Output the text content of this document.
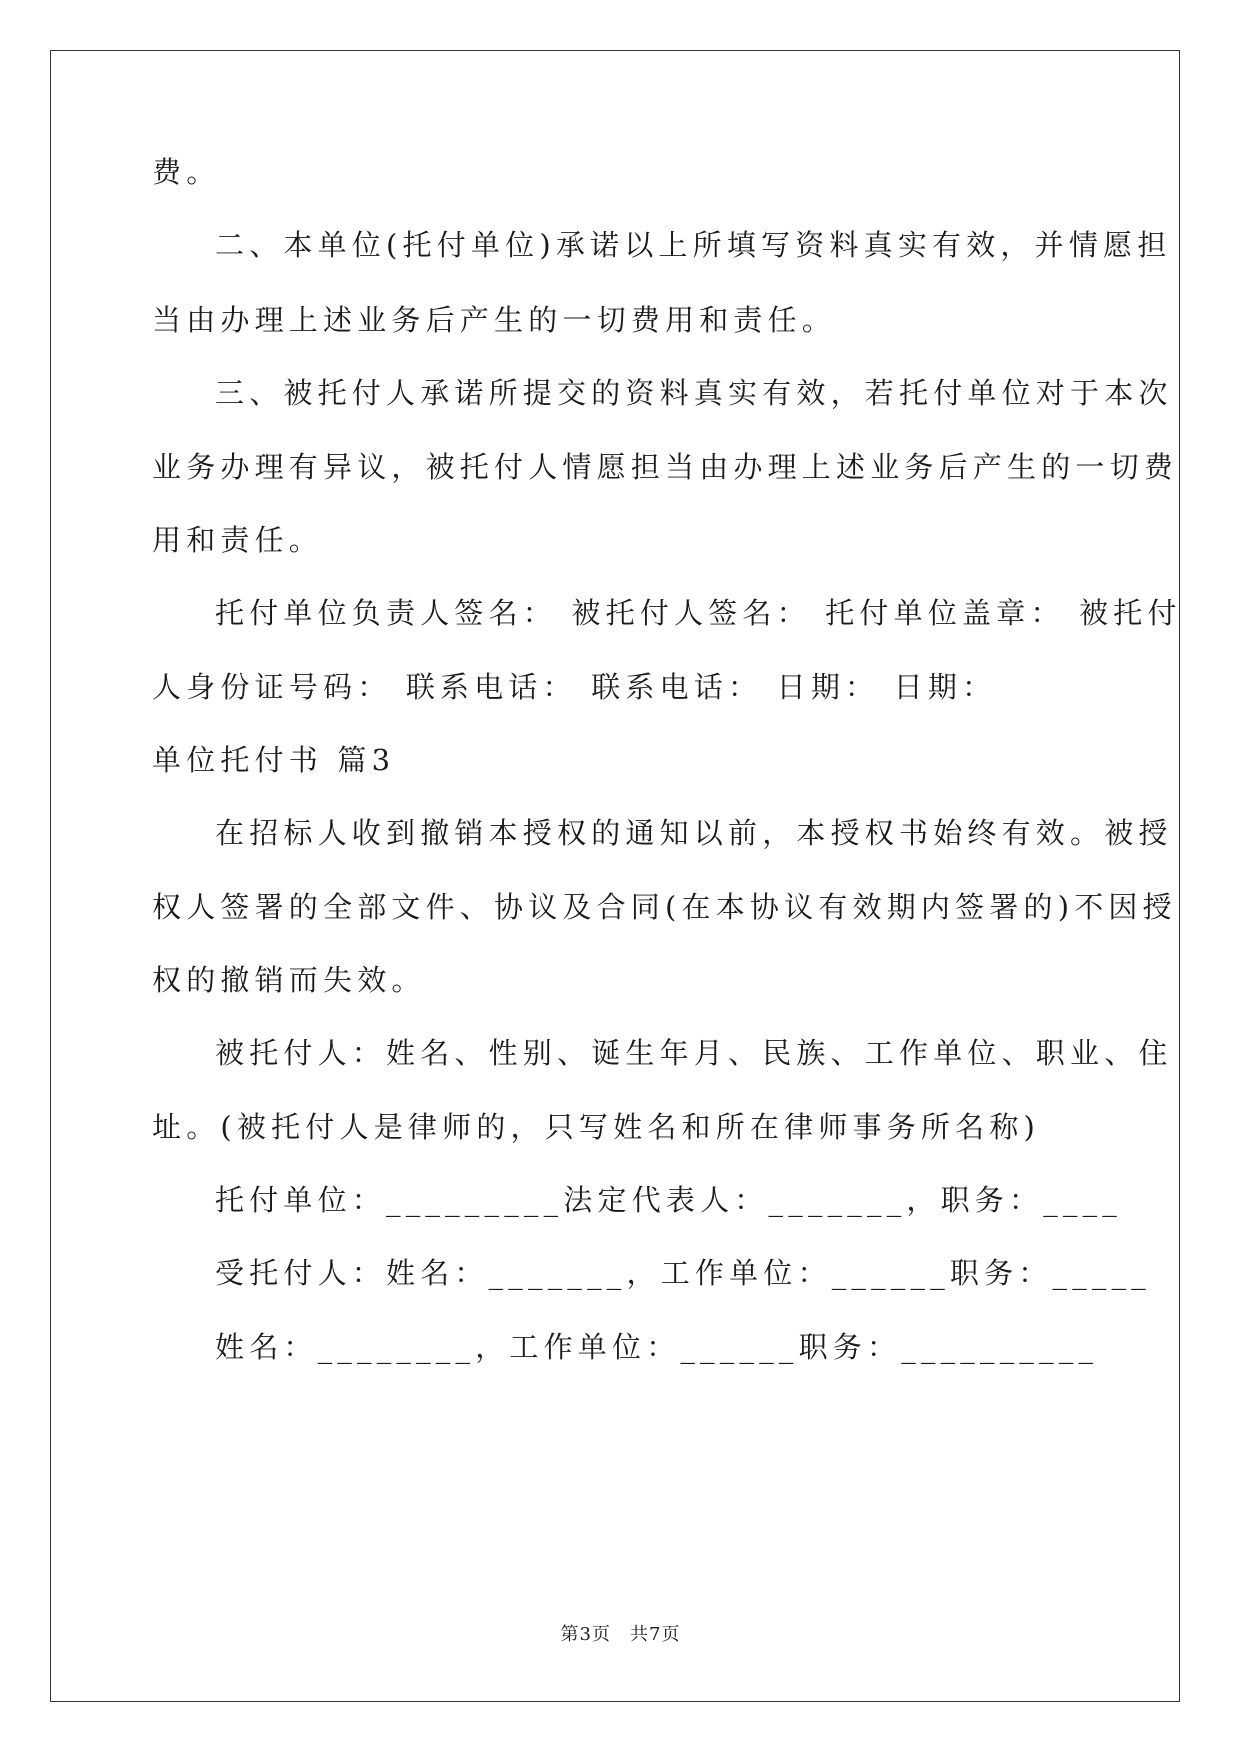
费。
二、本单位(托付单位)承诺以上所填写资料真实有效，并情愿担
当由办理上述业务后产生的一切费用和责任。
三、被托付人承诺所提交的资料真实有效，若托付单位对于本次
业务办理有异议，被托付人情愿担当由办理上述业务后产生的一切费
用和责任。
托付单位负责人签名： 被托付人签名： 托付单位盖章： 被托付
人身份证号码： 联系电话： 联系电话： 日期： 日期：
单位托付书 篇3
在招标人收到撤销本授权的通知以前，本授权书始终有效。被授
权人签署的全部文件、协议及合同(在本协议有效期内签署的)不因授
权的撤销而失效。
被托付人：姓名、性别、诞生年月、民族、工作单位、职业、住
址。(被托付人是律师的，只写姓名和所在律师事务所名称)
托付单位：_________法定代表人：_______，职务：____
受托付人：姓名：_______，工作单位：______职务：_____
姓名：________，工作单位：______职务：__________
第3页　共7页
